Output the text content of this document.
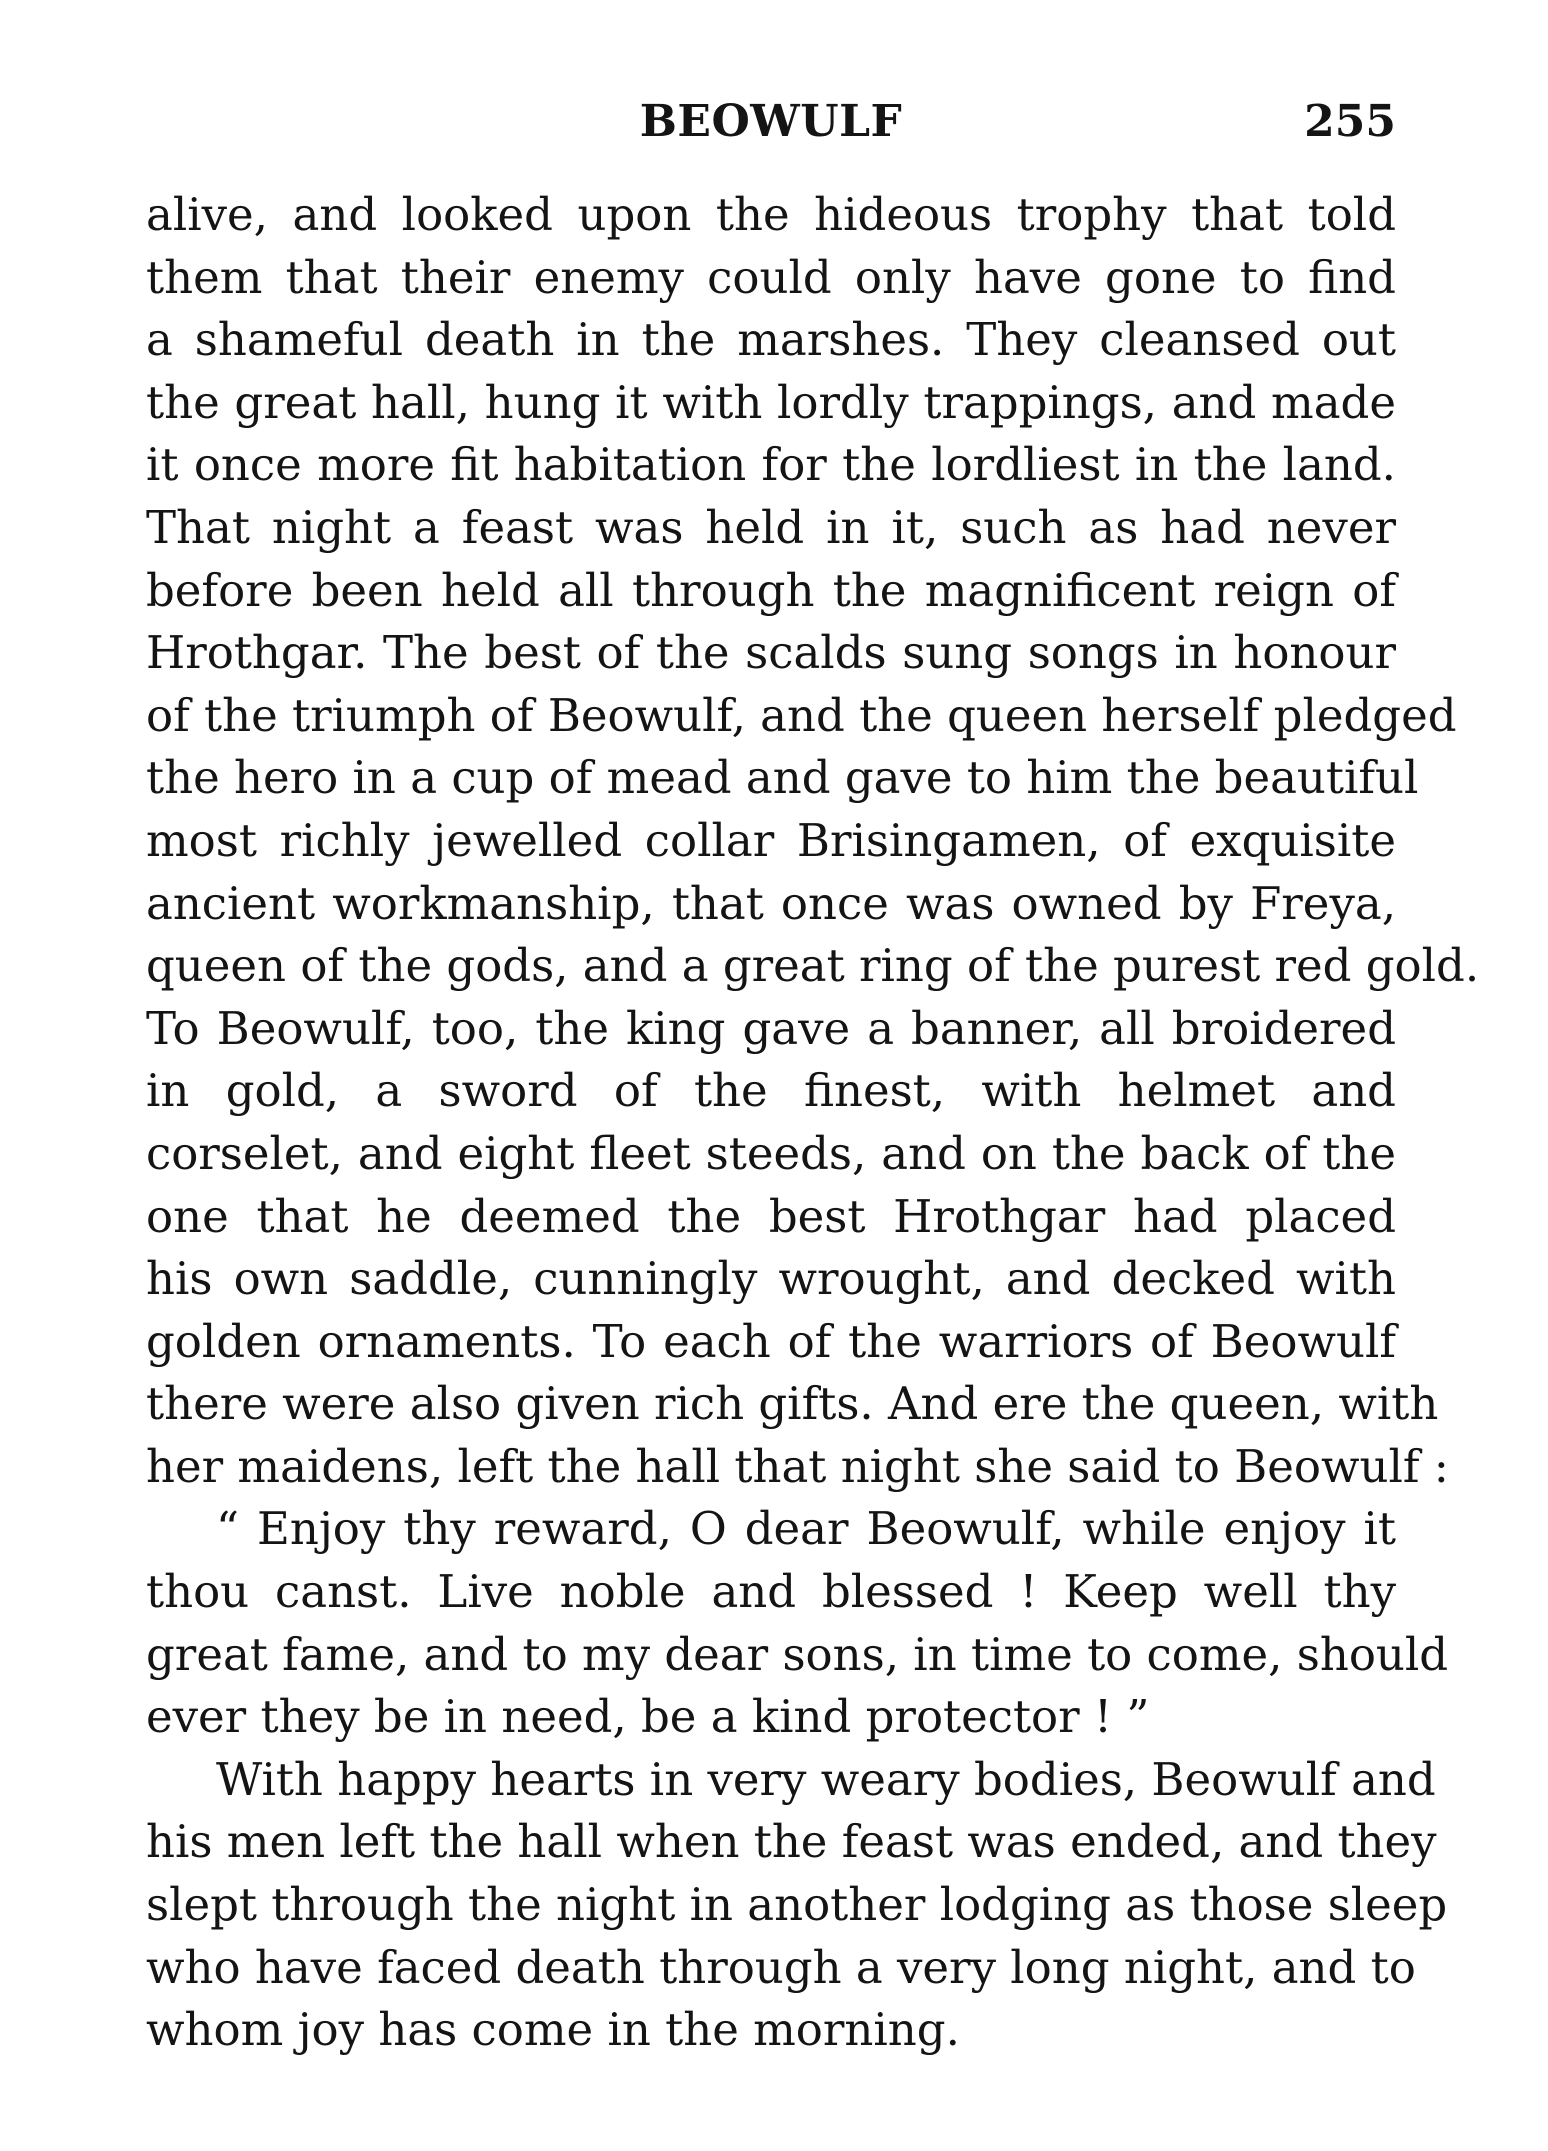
BEOWULF	255
alive, and looked upon the hideous trophy that told
them that their enemy could only have gone to find
a shameful death in the marshes. They cleansed out
the great hall, hung it with lordly trappings, and made
it once more fit habitation for the lordliest in the land.
That night a feast was held in it, such as had never
before been held all through the magnificent reign of
Hrothgar. The best of the scalds sung songs in honour
of the triumph of Beowulf, and the queen herself pledged
the hero in a cup of mead and gave to him the beautiful
most richly jewelled collar Brisingamen, of exquisite
ancient workmanship, that once was owned by Freya,
queen of the gods, and a great ring of the purest red gold.
To Beowulf, too, the king gave a banner, all broidered
in gold, a sword of the finest, with helmet and
corselet, and eight fleet steeds, and on the back of the
one that he deemed the best Hrothgar had placed
his own saddle, cunningly wrought, and decked with
golden ornaments. To each of the warriors of Beowulf
there were also given rich gifts. And ere the queen, with
her maidens, left the hall that night she said to Beowulf :
“ Enjoy thy reward, O dear Beowulf, while enjoy it
thou canst. Live noble and blessed ! Keep well thy
great fame, and to my dear sons, in time to come, should
ever they be in need, be a kind protector ! ”
With happy hearts in very weary bodies, Beowulf and
his men left the hall when the feast was ended, and they
slept through the night in another lodging as those sleep
who have faced death through a very long night, and to
whom joy has come in the morning.
